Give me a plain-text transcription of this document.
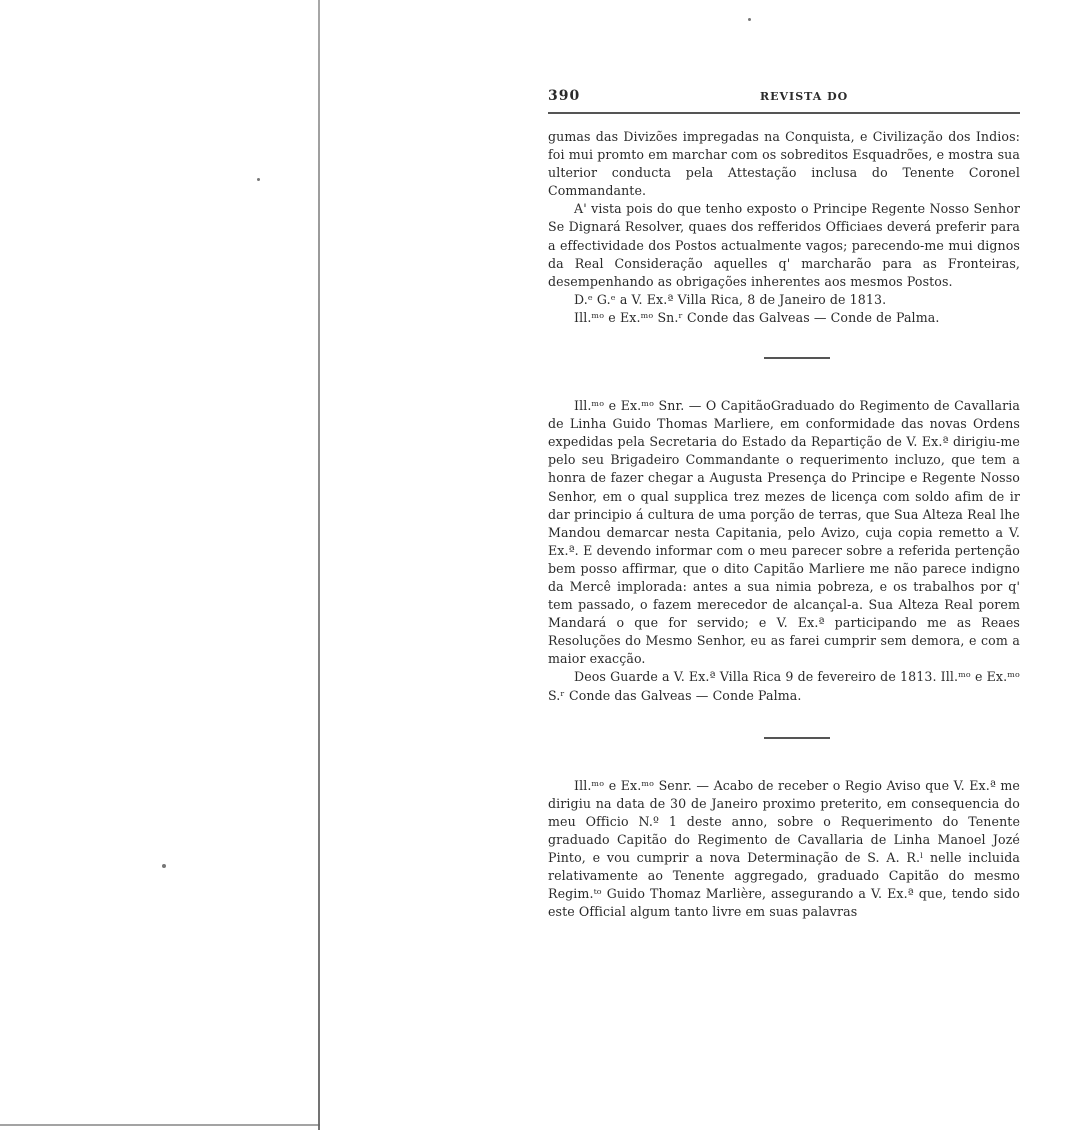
390	REVISTA DO

gumas das Divizões impregadas na Conquista, e Civilização dos Indios: foi mui promto em marchar com os sobreditos Esquadrões, e mostra sua ulterior conducta pela Attestação inclusa do Tenente Coronel Commandante.

A' vista pois do que tenho exposto o Principe Regente Nosso Senhor Se Dignará Resolver, quaes dos refferidos Officiaes deverá preferir para a effectividade dos Postos actualmente vagos; parecendo-me mui dignos da Real Consideração aquelles q' marcharão para as Fronteiras, desempenhando as obrigações inherentes aos mesmos Postos.

D.ᵉ G.ᵉ a V. Ex.ª Villa Rica, 8 de Janeiro de 1813.

Ill.ᵐᵒ e Ex.ᵐᵒ Sn.ʳ Conde das Galveas — Conde de Palma.

Ill.ᵐᵒ e Ex.ᵐᵒ Snr. — O CapitãoGraduado do Regimento de Cavallaria de Linha Guido Thomas Marliere, em conformidade das novas Ordens expedidas pela Secretaria do Estado da Repartição de V. Ex.ª dirigiu-me pelo seu Brigadeiro Commandante o requerimento incluzo, que tem a honra de fazer chegar a Augusta Presença do Principe e Regente Nosso Senhor, em o qual supplica trez mezes de licença com soldo afim de ir dar principio á cultura de uma porção de terras, que Sua Alteza Real lhe Mandou demarcar nesta Capitania, pelo Avizo, cuja copia remetto a V. Ex.ª. E devendo informar com o meu parecer sobre a referida pertenção bem posso affirmar, que o dito Capitão Marliere me não parece indigno da Mercê implorada: antes a sua nimia pobreza, e os trabalhos por q' tem passado, o fazem merecedor de alcançal-a. Sua Alteza Real porem Mandará o que for servido; e V. Ex.ª participando me as Reaes Resoluções do Mesmo Senhor, eu as farei cumprir sem demora, e com a maior exacção.

Deos Guarde a V. Ex.ª Villa Rica 9 de fevereiro de 1813. Ill.ᵐᵒ e Ex.ᵐᵒ S.ʳ Conde das Galveas — Conde Palma.

Ill.ᵐᵒ e Ex.ᵐᵒ Senr. — Acabo de receber o Regio Aviso que V. Ex.ª me dirigiu na data de 30 de Janeiro proximo preterito, em consequencia do meu Officio N.º 1 deste anno, sobre o Requerimento do Tenente graduado Capitão do Regimento de Cavallaria de Linha Manoel Jozé Pinto, e vou cumprir a nova Determinação de S. A. R.ˡ nelle incluida relativamente ao Tenente aggregado, graduado Capitão do mesmo Regim.ᵗᵒ Guido Thomaz Marlière, assegurando a V. Ex.ª que, tendo sido este Official algum tanto livre em suas palavras
